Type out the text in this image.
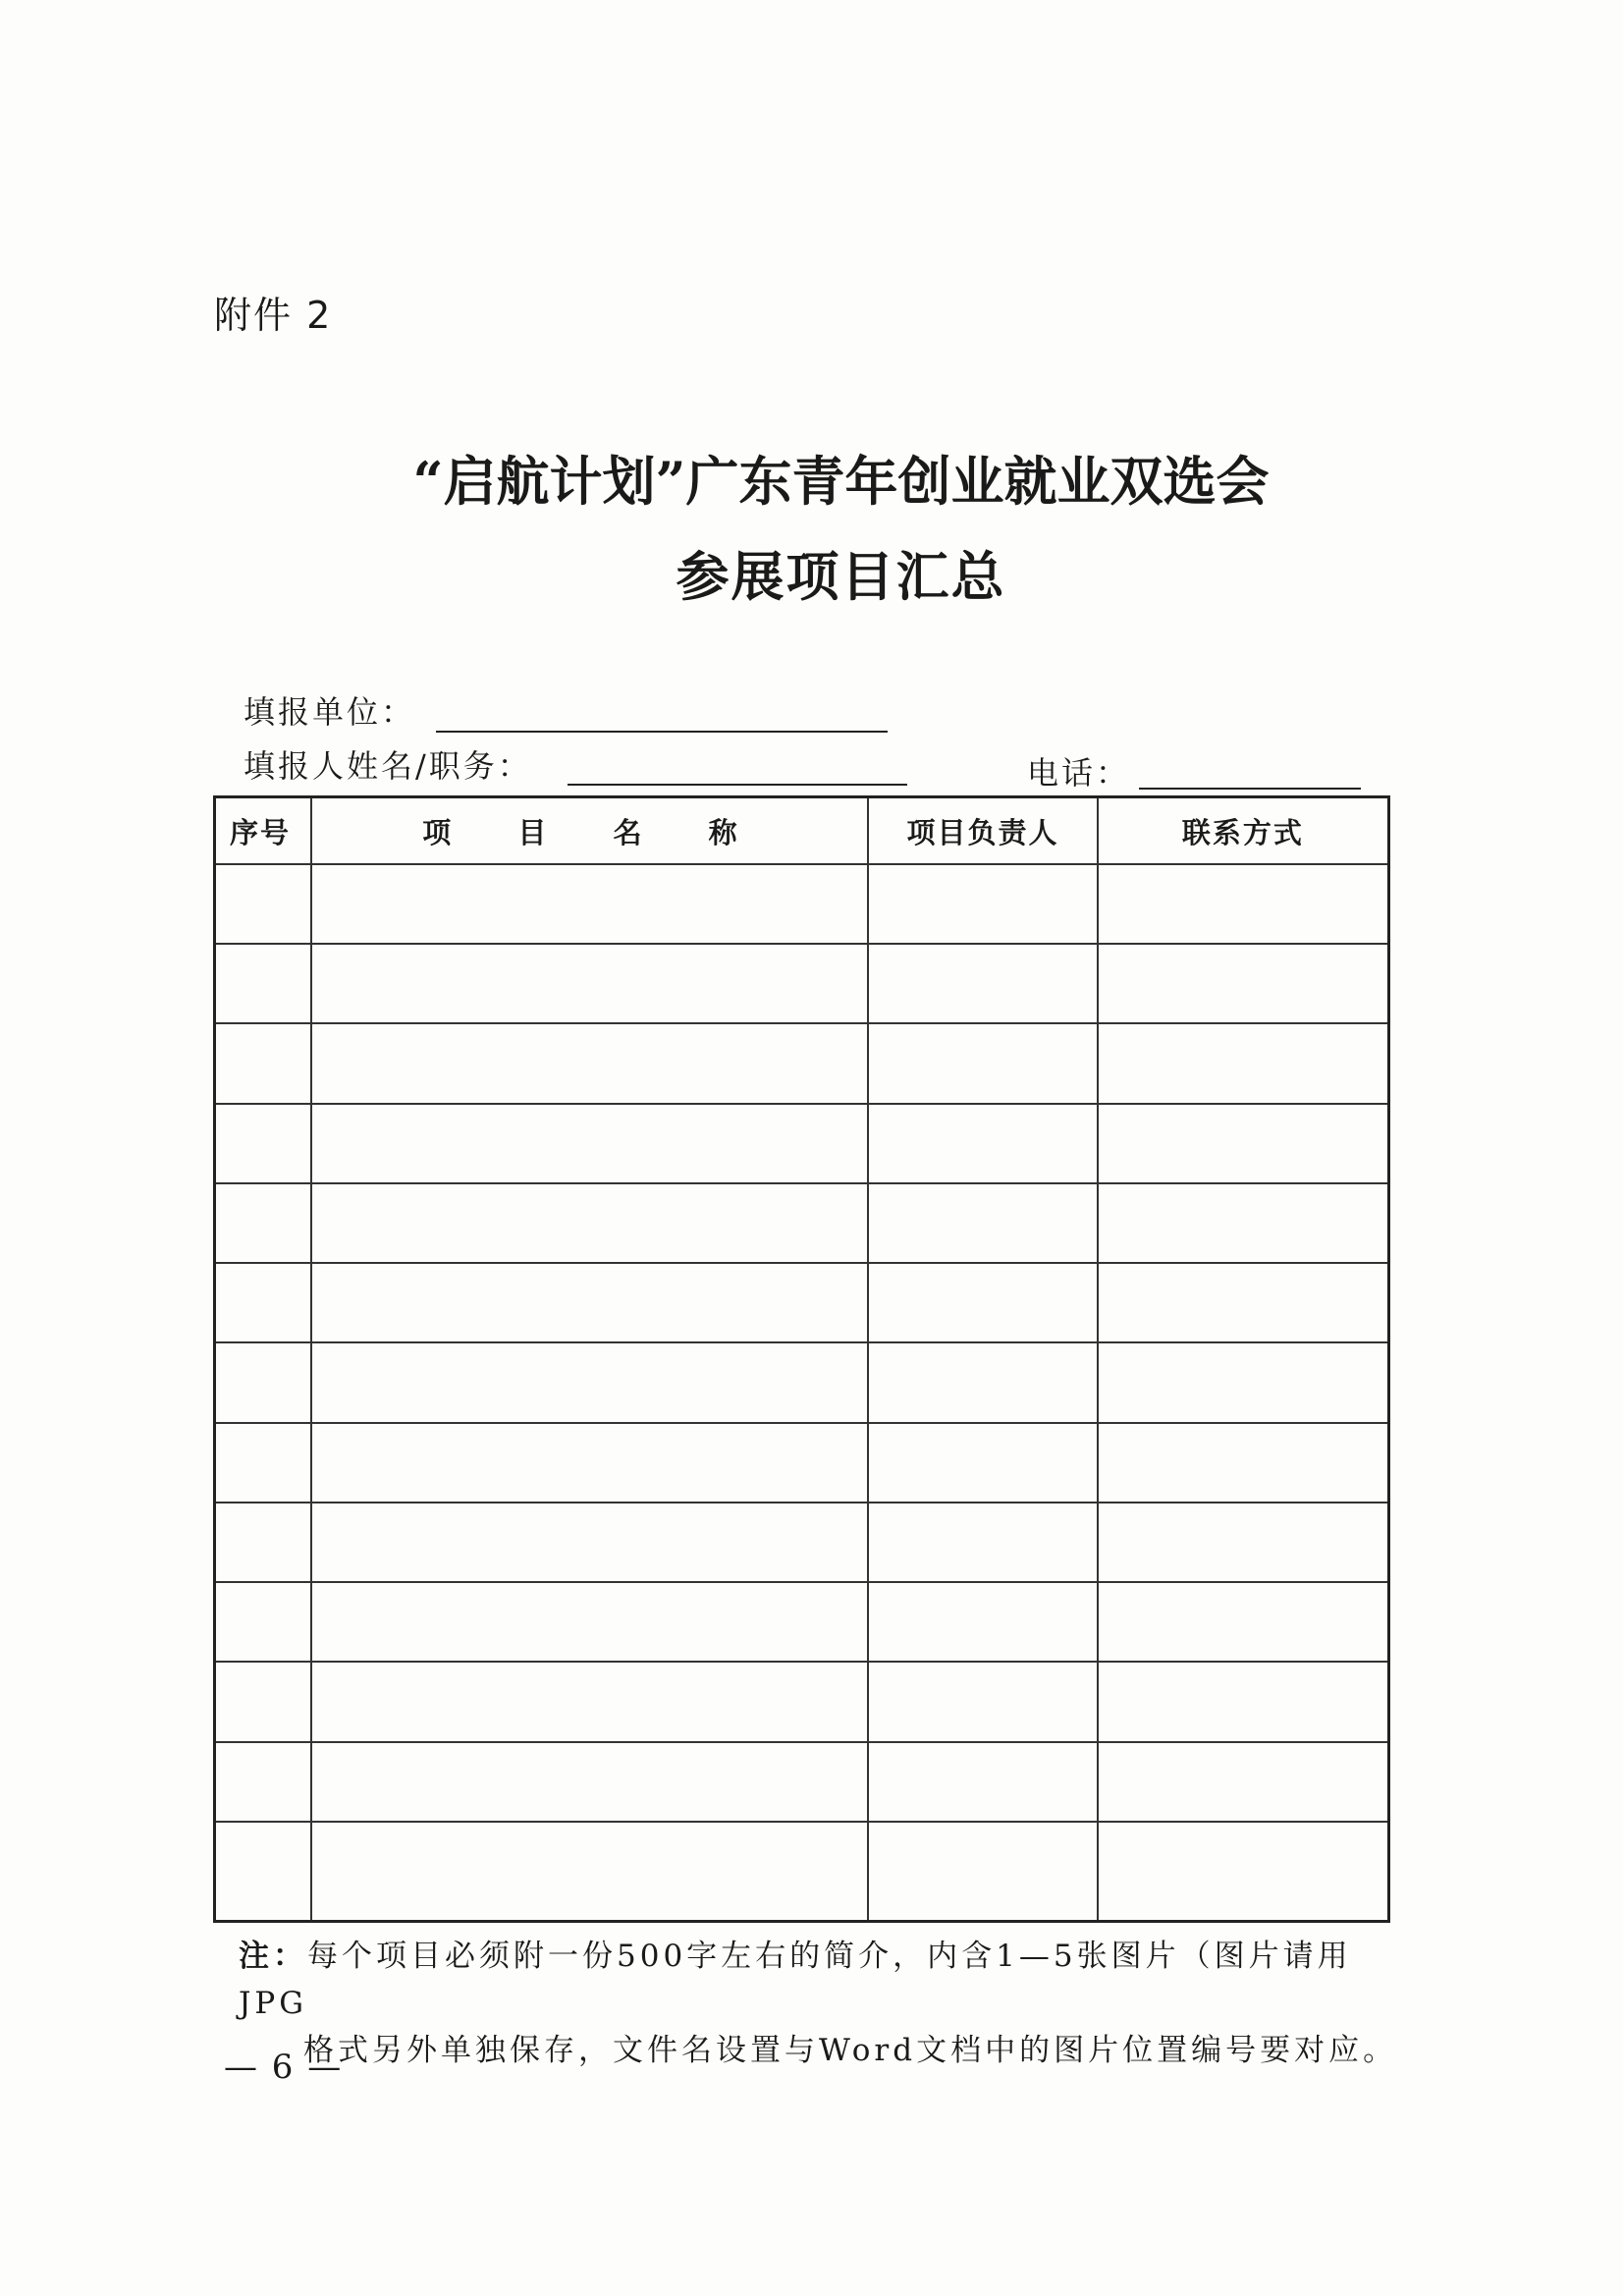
附件 2
“启航计划”广东青年创业就业双选会
参展项目汇总
填报单位：
填报人姓名/职务：	电话：
序号	项 目 名 称	项目负责人	联系方式

注：每个项目必须附一份500字左右的简介，内含1—5张图片（图片请用JPG
格式另外单独保存，文件名设置与Word文档中的图片位置编号要对应。
— 6 —
